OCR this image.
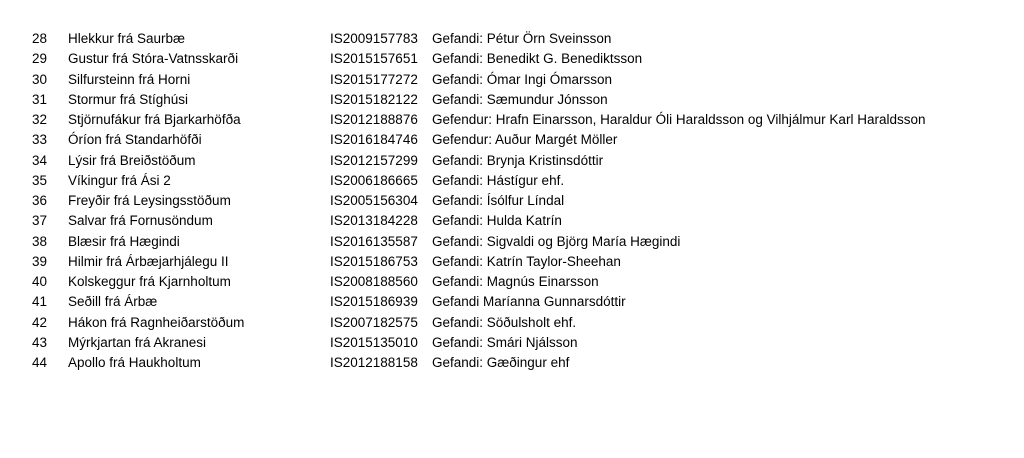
28	Hlekkur frá Saurbæ	IS2009157783	Gefandi: Pétur Örn Sveinsson
29	Gustur frá Stóra-Vatnsskarði	IS2015157651	Gefandi: Benedikt G. Benediktsson
30	Silfursteinn frá Horni	IS2015177272	Gefandi: Ómar Ingi Ómarsson
31	Stormur frá Stíghúsi	IS2015182122	Gefandi: Sæmundur Jónsson
32	Stjörnufákur frá Bjarkarhöfða	IS2012188876	Gefendur: Hrafn Einarsson, Haraldur Óli Haraldsson og Vilhjálmur Karl Haraldsson
33	Óríon frá Standarhöfði	IS2016184746	Gefendur: Auður Margét Möller
34	Lýsir frá Breiðstöðum	IS2012157299	Gefandi: Brynja Kristinsdóttir
35	Víkingur frá Ási 2	IS2006186665	Gefandi: Hástígur ehf.
36	Freyðir frá Leysingsstöðum	IS2005156304	Gefandi: Ísólfur Líndal
37	Salvar frá Fornusöndum	IS2013184228	Gefandi: Hulda Katrín
38	Blæsir frá Hægindi	IS2016135587	Gefandi: Sigvaldi og Björg María Hægindi
39	Hilmir frá Árbæjarhjálegu II	IS2015186753	Gefandi: Katrín Taylor-Sheehan
40	Kolskeggur frá Kjarnholtum	IS2008188560	Gefandi: Magnús Einarsson
41	Seðill frá Árbæ	IS2015186939	Gefandi Maríanna Gunnarsdóttir
42	Hákon frá Ragnheiðarstöðum	IS2007182575	Gefandi: Söðulsholt ehf.
43	Mýrkjartan frá Akranesi	IS2015135010	Gefandi: Smári Njálsson
44	Apollo frá Haukholtum	IS2012188158	Gefandi: Gæðingur ehf
